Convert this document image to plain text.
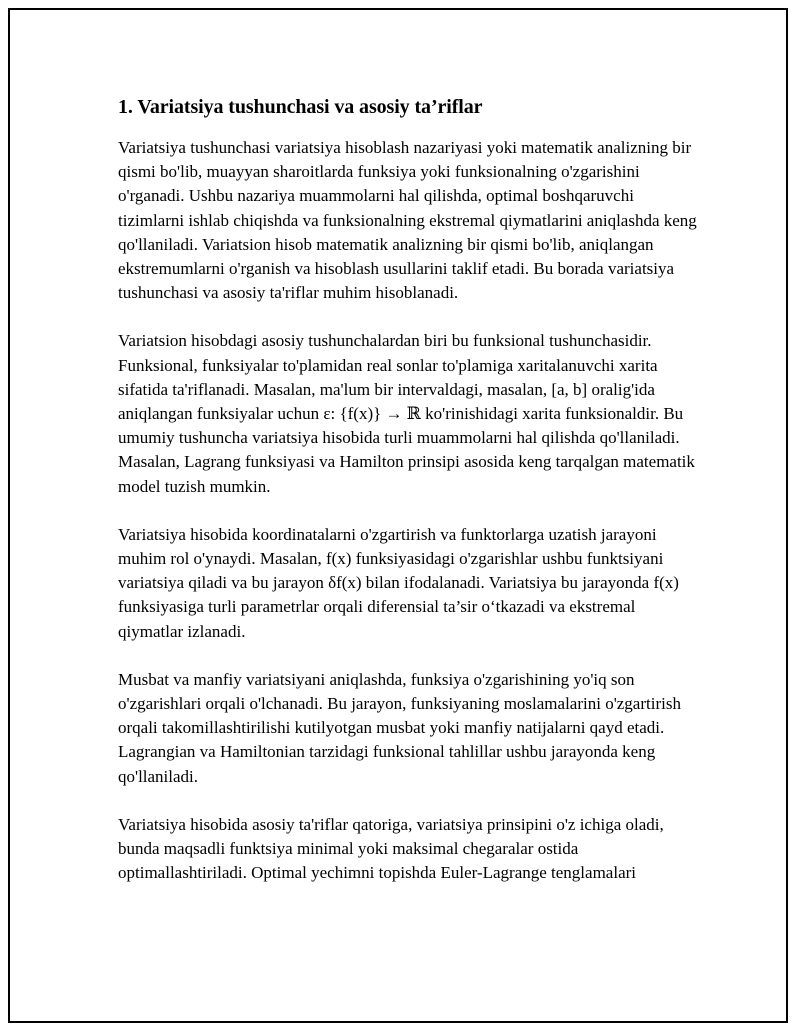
1. Variatsiya tushunchasi va asosiy ta’riflar

Variatsiya tushunchasi variatsiya hisoblash nazariyasi yoki matematik analizning bir qismi bo'lib, muayyan sharoitlarda funksiya yoki funksionalning o'zgarishini o'rganadi. Ushbu nazariya muammolarni hal qilishda, optimal boshqaruvchi tizimlarni ishlab chiqishda va funksionalning ekstremal qiymatlarini aniqlashda keng qo'llaniladi. Variatsion hisob matematik analizning bir qismi bo'lib, aniqlangan ekstremumlarni o'rganish va hisoblash usullarini taklif etadi. Bu borada variatsiya tushunchasi va asosiy ta'riflar muhim hisoblanadi.

Variatsion hisobdagi asosiy tushunchalardan biri bu funksional tushunchasidir. Funksional, funksiyalar to'plamidan real sonlar to'plamiga xaritalanuvchi xarita sifatida ta'riflanadi. Masalan, ma'lum bir intervaldagi, masalan, [a, b] oralig'ida aniqlangan funksiyalar uchun ε: {f(x)} → ℝ ko'rinishidagi xarita funksionaldir. Bu umumiy tushuncha variatsiya hisobida turli muammolarni hal qilishda qo'llaniladi. Masalan, Lagrang funksiyasi va Hamilton prinsipi asosida keng tarqalgan matematik model tuzish mumkin.

Variatsiya hisobida koordinatalarni o'zgartirish va funktorlarga uzatish jarayoni muhim rol o'ynaydi. Masalan, f(x) funksiyasidagi o'zgarishlar ushbu funktsiyani variatsiya qiladi va bu jarayon δf(x) bilan ifodalanadi. Variatsiya bu jarayonda f(x) funksiyasiga turli parametrlar orqali diferensial ta’sir o‘tkazadi va ekstremal qiymatlar izlanadi.

Musbat va manfiy variatsiyani aniqlashda, funksiya o'zgarishining yo'iq son o'zgarishlari orqali o'lchanadi. Bu jarayon, funksiyaning moslamalarini o'zgartirish orqali takomillashtirilishi kutilyotgan musbat yoki manfiy natijalarni qayd etadi. Lagrangian va Hamiltonian tarzidagi funksional tahlillar ushbu jarayonda keng qo'llaniladi.

Variatsiya hisobida asosiy ta'riflar qatoriga, variatsiya prinsipini o'z ichiga oladi, bunda maqsadli funktsiya minimal yoki maksimal chegaralar ostida optimallashtiriladi. Optimal yechimni topishda Euler-Lagrange tenglamalari
